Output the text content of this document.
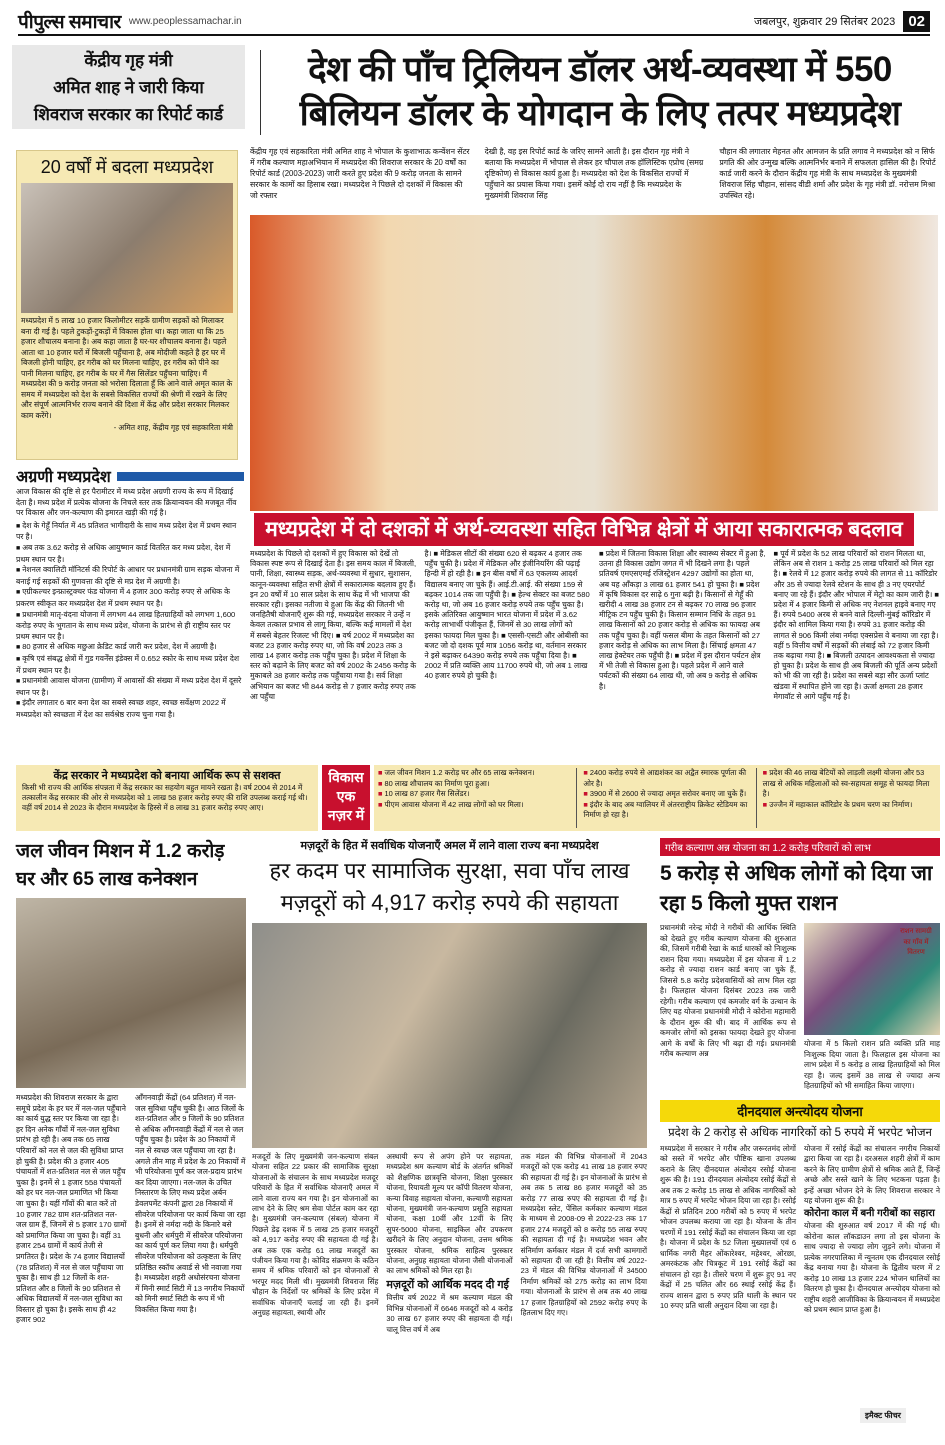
पीपुल्स समाचार www.peoplessamachar.in	जबलपुर, शुक्रवार 29 सितंबर 2023 02
केंद्रीय गृह मंत्री
अमित शाह ने जारी किया
शिवराज सरकार का रिपोर्ट कार्ड
देश की पाँच ट्रिलियन डॉलर अर्थ-व्यवस्था में 550 बिलियन डॉलर के योगदान के लिए तत्पर मध्यप्रदेश
20 वर्षों में बदला मध्यप्रदेश

मध्यप्रदेश में 5 लाख 10 हजार किलोमीटर सड़कें ग्रामीण सड़कों को मिलाकर बना दी गई है। पहले टुकड़ों-टुकड़ों में विकास होता था। कहा जाता था कि 25 हजार शौचालय बनाना है। अब कहा जाता है घर-घर शौचालय बनाना है। पहले आता था 10 हजार घरों में बिजली पहुँचाना है, अब मोदीजी कहते है हर घर में बिजली होनी चाहिए, हर गरीब को घर मिलना चाहिए, हर गरीब को पीने का पानी मिलना चाहिए, हर गरीब के घर में गैस सिलेंडर पहुँचना चाहिए। मैं मध्यप्रदेश की 9 करोड़ जनता को भरोसा दिलाता हूँ कि आने वाले अमृत काल के समय में मध्यप्रदेश को देश के सबसे विकसित राज्यों की श्रेणी में रखने के लिए और संपूर्ण आत्मनिर्भर राज्य बनाने की दिशा में केंद्र और प्रदेश सरकार मिलकर काम करेंगे।

- अमित शाह, केंद्रीय गृह एवं सहकारिता मंत्री

केंद्रीय गृह एवं सहकारिता मंत्री अमित शाह ने भोपाल के कुशाभाऊ कन्वेंशन सेंटर में गरीब कल्याण महाअभियान में मध्यप्रदेश की शिवराज सरकार के 20 वर्षों का रिपोर्ट कार्ड (2003-2023) जारी करते हुए प्रदेश की 9 करोड़ जनता के सामने सरकार के कामों का हिसाब रखा। मध्यप्रदेश ने पिछले दो दशकों में विकास की जो रफ्तार

देखी है, वह इस रिपोर्ट कार्ड के जरिए सामने आती है। इस दौरान गृह मंत्री ने बताया कि मध्यप्रदेश में भोपाल से लेकर हर चौपाल तक हॉलिस्टिक एप्रोच (समग्र दृष्टिकोण) से विकास कार्य हुआ है। मध्यप्रदेश को देश के विकसित राज्यों में पहुँचाने का प्रयास किया गया। इसमें कोई दो राय नहीं है कि मध्यप्रदेश के मुख्यमंत्री शिवराज सिंह

चौहान की लगातार मेहनत और आमजन के प्रति लगाव ने मध्यप्रदेश को न सिर्फ प्रगति की ओर उन्मुख बल्कि आत्मनिर्भर बनाने में सफलता हासिल की है। रिपोर्ट कार्ड जारी करने के दौरान केंद्रीय गृह मंत्री के साथ मध्यप्रदेश के मुख्यमंत्री शिवराज सिंह चौहान, सांसद वीडी शर्मा और प्रदेश के गृह मंत्री डॉ. नरोत्तम मिश्रा उपस्थित रहे।

मध्यप्रदेश में दो दशकों में अर्थ-व्यवस्था सहित विभिन्न क्षेत्रों में आया सकारात्मक बदलाव

मध्यप्रदेश के पिछले दो दशकों में हुए विकास को देखें तो विकास स्पष्ट रूप से दिखाई देता है। इस समय काल में बिजली, पानी, शिक्षा, स्वास्थ्य सड़क, अर्थ-व्यवस्था में सुधार, सुशासन, कानून-व्यवस्था सहित सभी क्षेत्रों में सकारात्मक बदलाव हुए हैं। इन 20 वर्षों में 10 साल प्रदेश के साथ केंद्र में भी भाजपा की सरकार रही। इसका नतीजा ये हुआ कि केंद्र की जितनी भी जनहितैषी योजनाएँ शुरू की गई, मध्यप्रदेश सरकार ने उन्हें न केवल तत्काल प्रभाव से लागू किया, बल्कि कई मामलों में देश में सबसे बेहतर रिजल्ट भी दिए। ■ वर्ष 2002 में मध्यप्रदेश का बजट 23 हजार करोड़ रुपए था, जो कि वर्ष 2023 तक 3 लाख 14 हजार करोड़ तक पहुँच चुका है। प्रदेश में शिक्षा के स्तर को बढ़ाने के लिए बजट को वर्ष 2002 के 2456 करोड़ के मुकाबले 38 हजार करोड़ तक पहुँचाया गया है। सर्व शिक्षा अभियान का बजट भी 844 करोड़ से 7 हजार करोड़ रुपए तक आ पहुँचा

है। ■ मेडिकल सीटों की संख्या 620 से बढ़कर 4 हजार तक पहुँच चुकी है। प्रदेश में मेडिकल और इंजीनियरिंग की पढ़ाई हिन्दी में हो रही है। ■ इन बीस वर्षों में 63 एकलव्य आदर्श विद्यालय बनाए जा चुके हैं। आई.टी.आई. की संख्या 159 से बढ़कर 1014 तक जा पहुँची है। ■ हेल्थ सेक्टर का बजट 580 करोड़ था, जो अब 16 हजार करोड़ रुपये तक पहुँच चुका है। इसके अतिरिक्त आयुष्मान भारत योजना में प्रदेश में 3.62 करोड़ लाभार्थी पंजीकृत हैं, जिनमें से 30 लाख लोगों को इसका फायदा मिल चुका है। ■ एससी-एसटी और ओबीसी का बजट जो दो दशक पूर्व मात्र 1056 करोड़ था, वर्तमान सरकार ने इसे बढ़ाकर 64390 करोड़ रुपये तक पहुँचा दिया है। ■ 2002 में प्रति व्यक्ति आय 11700 रुपये थी, जो अब 1 लाख 40 हजार रुपये हो चुकी है।

■ प्रदेश में जितना विकास शिक्षा और स्वास्थ्य सेक्टर में हुआ है, उतना ही विकास उद्योग जगत में भी दिखने लगा है। पहले प्रतिवर्ष एमएसएमई रजिस्ट्रेशन 4297 उद्योगों का होता था, अब यह आँकड़ा 3 लाख 61 हजार 541 हो चुका है। ■ प्रदेश में कृषि विकास दर साढ़े 6 गुना बढ़ी है। किसानों से गेहूँ की खरीदी 4 लाख 38 हजार टन से बढ़कर 70 लाख 96 हजार मीट्रिक टन पहुँच चुकी है। किसान सम्मान निधि के तहत 91 लाख किसानों को 20 हजार करोड़ से अधिक का फायदा अब तक पहुँच चुका है। वहीं फसल बीमा के तहत किसानों को 27 हजार करोड़ से अधिक का लाभ मिला है। सिंचाई क्षमता 47 लाख हेक्टेयर तक पहुँची है। ■ प्रदेश में इस दौरान पर्यटन क्षेत्र में भी तेजी से विकास हुआ है। पहले प्रदेश में आने वाले पर्यटकों की संख्या 64 लाख थी, जो अब 9 करोड़ से अधिक है।

■ पूर्व में प्रदेश के 52 लाख परिवारों को राशन मिलता था, लेकिन अब से राशन 1 करोड़ 25 लाख परिवारों को मिल रहा है। ■ रेलवे में 12 हजार करोड़ रुपये की लागत से 11 कॉरिडोर और 35 से ज्यादा रेलवे स्टेशन के साथ ही 3 नए एयरपोर्ट बनाए जा रहे हैं। इंदौर और भोपाल में मेट्रो का काम जारी है। ■ प्रदेश में 4 हजार किमी से अधिक नए नेशनल हाइवे बनाए गए हैं। रुपये 5400 अरब से बनने वाले दिल्ली-मुंबई कॉरिडोर में इंदौर को शामिल किया गया है। रुपये 31 हजार करोड़ की लागत से 906 किमी लंबा नर्मदा एक्सप्रेस वे बनाया जा रहा है। वहीं 5 वित्तीय वर्षों में सड़कों की लंबाई को 72 हजार किमी तक बढ़ाया गया है। ■ बिजली उत्पादन आवश्यकता से ज्यादा हो चुका है। प्रदेश के साथ ही अब बिजली की पूर्ति अन्य प्रदेशों को भी की जा रही है। प्रदेश का सबसे बड़ा सौर ऊर्जा प्लांट खंडवा में स्थापित होने जा रहा है। ऊर्जा क्षमता 28 हजार मेगावॉट से आगे पहुँच गई है।

अग्रणी मध्यप्रदेश

आज विकास की दृष्टि से हर पैरामीटर में मध्य प्रदेश अग्रणी राज्य के रूप में दिखाई देता है। मध्य प्रदेश में प्रत्येक योजना के निचले स्तर तक क्रियान्वयन की मजबूत नींव पर विकास और जन-कल्याण की इमारत खड़ी की गई है।

■ देश के गेहूँ निर्यात में 45 प्रतिशत भागीदारी के साथ मध्य प्रदेश देश में प्रथम स्थान पर है।
■ अब तक 3.62 करोड़ से अधिक आयुष्मान कार्ड वितरित कर मध्य प्रदेश, देश में प्रथम स्थान पर है।
■ नेशनल क्वालिटी मॉनिटर्स की रिपोर्ट के आधार पर प्रधानमंत्री ग्राम सड़क योजना में बनाई गई सड़कों की गुणवत्ता की दृष्टि से मप्र देश में अग्रणी है।
■ एग्रीकल्चर इन्फ्रास्ट्रक्चर फंड योजना में 4 हजार 300 करोड़ रुपए से अधिक के प्रकरण स्वीकृत कर मध्यप्रदेश देश में प्रथम स्थान पर है।
■ प्रधानमंत्री मातृ-वंदना योजना में लगभग 44 लाख हितग्राहियों को लगभग 1,600 करोड़ रुपए के भुगतान के साथ मध्य प्रदेश, योजना के प्रारंभ से ही राष्ट्रीय स्तर पर प्रथम स्थान पर है।
■ 80 हजार से अधिक मछुआ क्रेडिट कार्ड जारी कर प्रदेश, देश में अग्रणी है।
■ कृषि एवं संबद्ध क्षेत्रों में गुड गवर्नेंस इंडेक्स में 0.652 स्कोर के साथ मध्य प्रदेश देश में प्रथम स्थान पर है।
■ प्रधानमंत्री आवास योजना (ग्रामीण) में आवासों की संख्या में मध्य प्रदेश देश में दूसरे स्थान पर है।
■ इंदौर लगातार 6 बार बना देश का सबसे स्वच्छ शहर, स्वच्छ सर्वेक्षण 2022 में मध्यप्रदेश को स्वच्छता में देश का सर्वश्रेष्ठ राज्य चुना गया है।
केंद्र सरकार ने मध्यप्रदेश को बनाया आर्थिक रूप से सशक्त

किसी भी राज्य की आर्थिक संपन्नता में केंद्र सरकार का सहयोग बहुत मायने रखता है। वर्ष 2004 से 2014 में तत्कालीन केंद्र सरकार की ओर से मध्यप्रदेश को 1 लाख 58 हजार करोड़ रुपए की राशि उपलब्ध कराई गई थी। वहीं वर्ष 2014 से 2023 के दौरान मध्यप्रदेश के हिस्से में 8 लाख 31 हजार करोड़ रुपए आए।

विकास
एक
नज़र में

■ जल जीवन मिशन 1.2 करोड़ घर और 65 लाख कनेक्शन।

■ 80 लाख शौचालय का निर्माण पूरा हुआ।

■ 10 लाख 87 हजार गैस सिलेंडर।

■ पीएम आवास योजना में 42 लाख लोगों को घर मिला।

■ 2400 करोड़ रुपये से आद्यशंकर का अद्वैत स्मारक पूर्णता की ओर है।

■ 3900 में से 2600 से ज्यादा अमृत सरोवर बनाए जा चुके हैं।

■ इंदौर के बाद अब ग्वालियर में अंतरराष्ट्रीय क्रिकेट स्टेडियम का निर्माण हो रहा है।

■ प्रदेश की 46 लाख बेटियों को लाड़ली लक्ष्मी योजना और 53 लाख से अधिक महिलाओं को स्व-सहायता समूह से फायदा मिला है।

■ उज्जैन में महाकाल कॉरिडोर के प्रथम चरण का निर्माण।

जल जीवन मिशन में 1.2 करोड़ घर और 65 लाख कनेक्शन

मध्यप्रदेश की शिवराज सरकार के द्वारा समूचे प्रदेश के हर घर में नल-जल पहुँचाने का कार्य युद्ध स्तर पर किया जा रहा है। हर दिन अनेक गाँवों में नल-जल सुविधा प्रारंभ हो रही है। अब तक 65 लाख परिवारों को नल से जल की सुविधा प्राप्त हो चुकी है। प्रदेश की 3 हजार 405 पंचायतों में शत-प्रतिशत नल से जल पहुँच चुका है। इनमें से 1 हजार 558 पंचायतों को हर घर नल-जल प्रमाणित भी किया जा चुका है। यहीं गाँवों की बात करें तो 10 हजार 782 ग्राम शत-प्रतिशत नल-जल ग्राम हैं, जिनमें से 5 हजार 170 ग्रामों को प्रमाणित किया जा चुका है। वहीं 31 हजार 254 ग्रामों में कार्य तेजी से प्रगतिरत है। प्रदेश के 74 हजार विद्यालयों (78 प्रतिशत) में नल से जल पहुँचाया जा चुका है। साथ ही 12 जिलों के शत-प्रतिशत और 8 जिलों के 90 प्रतिशत से अधिक विद्यालयों में नल-जल सुविधा का विस्तार हो चुका है। इसके साथ ही 42 हजार 902

आँगनवाड़ी केंद्रों (64 प्रतिशत) में नल-जल सुविधा पहुँच चुकी है। आठ जिलों के शत-प्रतिशत और 9 जिलों के 90 प्रतिशत से अधिक आँगनवाड़ी केंद्रों में नल से जल पहुँच चुका है। प्रदेश के 30 निकायों में नल से स्वच्छ जल पहुँचाया जा रहा है। अगले तीन माह में प्रदेश के 20 निकायों में भी परियोजना पूर्ण कर जल-प्रदाय प्रारंभ कर दिया जाएगा। नल-जल के उचित निस्तारण के लिए मध्य प्रदेश अर्बन डेवलपमेंट कंपनी द्वारा 28 निकायों में सीवरेज परियोजना पर कार्य किया जा रहा है। इनमें से नर्मदा नदी के किनारे बसे बुधनी और धर्मपुरी में सीवरेज परियोजना का कार्य पूर्ण कर लिया गया है। धर्मपुरी सीवरेज परियोजना को उत्कृष्टता के लिए प्रतिष्ठित स्कॉच अवार्ड से भी नवाजा गया है। मध्यप्रदेश शहरी अधोसंरचना योजना में मिनी स्मार्ट सिटी में 13 नगरीय निकायों को मिनी स्मार्ट सिटी के रूप में भी विकसित किया गया है।

मज़दूरों के हित में सर्वाधिक योजनाएँ अमल में लाने वाला राज्य बना मध्यप्रदेश
हर कदम पर सामाजिक सुरक्षा, सवा पाँच लाख मज़दूरों को 4,917 करोड़ रुपये की सहायता

मजदूरों के लिए मुख्यमंत्री जन-कल्याण संबल योजना सहित 22 प्रकार की सामाजिक सुरक्षा योजनाओं के संचालन के साथ मध्यप्रदेश मजदूर परिवारों के हित में सर्वाधिक योजनाएँ अमल में लाने वाला राज्य बन गया है। इन योजनाओं का लाभ देने के लिए श्रम सेवा पोर्टल काम कर रहा है। मुख्यमंत्री जन-कल्याण (संबल) योजना में पिछले डेढ़ दशक में 5 लाख 25 हजार मजदूरों को 4,917 करोड़ रुपए की सहायता दी गई है। अब तक एक करोड़ 61 लाख मजदूरों का पंजीयन किया गया है। कोविड संक्रमण के कठिन समय में श्रमिक परिवारों को इन योजनाओं से भरपूर मदद मिली थी। मुख्यमंत्री शिवराज सिंह चौहान के निर्देशों पर श्रमिकों के लिए प्रदेश में सर्वाधिक योजनाएँ चलाई जा रही हैं। इनमें अनुग्रह सहायता, स्थायी और

अस्थायी रूप से अपंग होने पर सहायता, मध्यप्रदेश श्रम कल्याण बोर्ड के अंतर्गत श्रमिकों को शैक्षणिक छात्रवृत्ति योजना, शिक्षा पुरस्कार योजना, रियायती मूल्य पर कॉपी वितरण योजना, कन्या विवाह सहायता योजना, कल्याणी सहायता योजना, मुख्यमंत्री जन-कल्याण प्रसूति सहायता योजना, कक्षा 10वीं और 12वीं के लिए सुपर-5000 योजना, साइकिल और उपकरण खरीदने के लिए अनुदान योजना, उत्तम श्रमिक पुरस्कार योजना, श्रमिक साहित्य पुरस्कार योजना, अनुग्रह सहायता योजना जैसी योजनाओं का लाभ श्रमिकों को मिल रहा है।

मज़दूरों को आर्थिक मदद दी गई

वित्तीय वर्ष 2022 में श्रम कल्याण मंडल की विभिन्न योजनाओं में 6646 मजदूरों को 4 करोड़ 30 लाख 67 हजार रुपए की सहायता दी गई। चालू वित्त वर्ष में अब

तक मंडल की विभिन्न योजनाओं में 2043 मजदूरों को एक करोड़ 41 लाख 18 हजार रुपए की सहायता दी गई है। इन योजनाओं के प्रारंभ से अब तक 5 लाख 86 हजार मजदूरों को 35 करोड़ 77 लाख रुपए की सहायता दी गई है। मध्यप्रदेश स्लेट, पेंसिल कर्मकार कल्याण मंडल के माध्यम से 2008-09 से 2022-23 तक 17 हजार 274 मजदूरों को 8 करोड़ 55 लाख रुपए की सहायता दी गई है। मध्यप्रदेश भवन और संनिर्माण कर्मकार मंडल में दर्ज सभी कामगारों को सहायता दी जा रही है। वित्तीय वर्ष 2022-23 में मंडल की विभिन्न योजनाओं में 34500 निर्माण श्रमिकों को 275 करोड़ का लाभ दिया गया। योजनाओं के प्रारंभ से अब तक 40 लाख 17 हजार हितग्राहियों को 2592 करोड़ रुपए के हितलाभ दिए गए।

गरीब कल्याण अन्न योजना का 1.2 करोड़ परिवारों को लाभ
5 करोड़ से अधिक लोगों को दिया जा रहा 5 किलो मुफ्त राशन

प्रधानमंत्री नरेन्द्र मोदी ने गरीबों की आर्थिक स्थिति को देखते हुए गरीब कल्याण योजना की शुरुआत की, जिसमें गरीबी रेखा के कार्ड धारकों को निःशुल्क राशन दिया गया। मध्यप्रदेश में इस योजना में 1.2 करोड़ से ज्यादा राशन कार्ड बनाए जा चुके हैं, जिससे 5.8 करोड़ प्रदेशवासियों को लाभ मिल रहा है। फिलहाल योजना दिसंबर 2023 तक जारी रहेगी। गरीब कल्याण एवं कमजोर वर्ग के उत्थान के लिए यह योजना प्रधानमंत्री मोदी ने कोरोना महामारी के दौरान शुरू की थी। बाद में आर्थिक रूप से कमजोर लोगों को इसका फायदा देखते हुए योजना आगे के वर्षों के लिए भी बढ़ा दी गई। प्रधानमंत्री गरीब कल्याण अन्न

राशन सामग्री का गाँव में वितरण

योजना में 5 किलो राशन प्रति व्यक्ति प्रति माह निःशुल्क दिया जाता है। फिलहाल इस योजना का लाभ प्रदेश में 5 करोड़ 8 लाख हितग्राहियों को मिल रहा है। जल्द इसमें 38 लाख से ज्यादा अन्य हितग्राहियों को भी समाहित किया जाएगा।

दीनदयाल अन्त्योदय योजना
प्रदेश के 2 करोड़ से अधिक नागरिकों को 5 रुपये में भरपेट भोजन

मध्यप्रदेश में सरकार ने गरीब और जरूरतमंद लोगों को सस्ते में भरपेट और पौष्टिक खाना उपलब्ध कराने के लिए दीनदयाल अंत्योदय रसोई योजना शुरू की है। 191 दीनदयाल अंत्योदय रसोई केंद्रों से अब तक 2 करोड़ 15 लाख से अधिक नागरिकों को मात्र 5 रुपए में भरपेट भोजन दिया जा रहा है। रसोई केंद्रों से प्रतिदिन 200 गरीबों को 5 रुपए में भरपेट भोजन उपलब्ध कराया जा रहा है। योजना के तीन चरणों में 191 रसोई केंद्रों का संचालन किया जा रहा है। योजना में प्रदेश के 52 जिला मुख्यालयों एवं 6 धार्मिक नगरी मैहर ओंकारेश्वर, महेश्वर, ओरछा, अमरकंटक और चित्रकूट में 191 रसोई केंद्रों का संचालन हो रहा है। तीसरे चरण में शुरू हुए 91 नए केंद्रों में 25 चलित और 66 स्थाई रसोई केंद्र हैं। राज्य शासन द्वारा 5 रुपए प्रति थाली के स्थान पर 10 रुपए प्रति थाली अनुदान दिया जा रहा है।

योजना में रसोई केंद्रों का संचालन नगरीय निकायों द्वारा किया जा रहा है। दरअसल शहरी क्षेत्रों में काम करने के लिए ग्रामीण क्षेत्रों से श्रमिक आते हैं, जिन्हें अच्छे और सस्ते खाने के लिए भटकना पड़ता है। इन्हें अच्छा भोजन देने के लिए शिवराज सरकार ने यह योजना शुरू की है।

कोरोना काल में बनी गरीबों का सहारा

योजना की शुरुआत वर्ष 2017 में की गई थी। कोरोना काल लॉकडाउन लगा तो इस योजना के साथ ज्यादा से ज्यादा लोग जुड़ने लगे। योजना में प्रत्येक नगरपालिका में न्यूनतम एक दीनदयाल रसोई केंद्र बनाया गया है। योजना के द्वितीय चरण में 2 करोड़ 10 लाख 13 हजार 224 भोजन थालियों का वितरण हो चुका है। दीनदयाल अन्त्योदय योजना को राष्ट्रीय शहरी आजीविका के क्रियान्वयन में मध्यप्रदेश को प्रथम स्थान प्राप्त हुआ है।

इमैक्ट फीचर
